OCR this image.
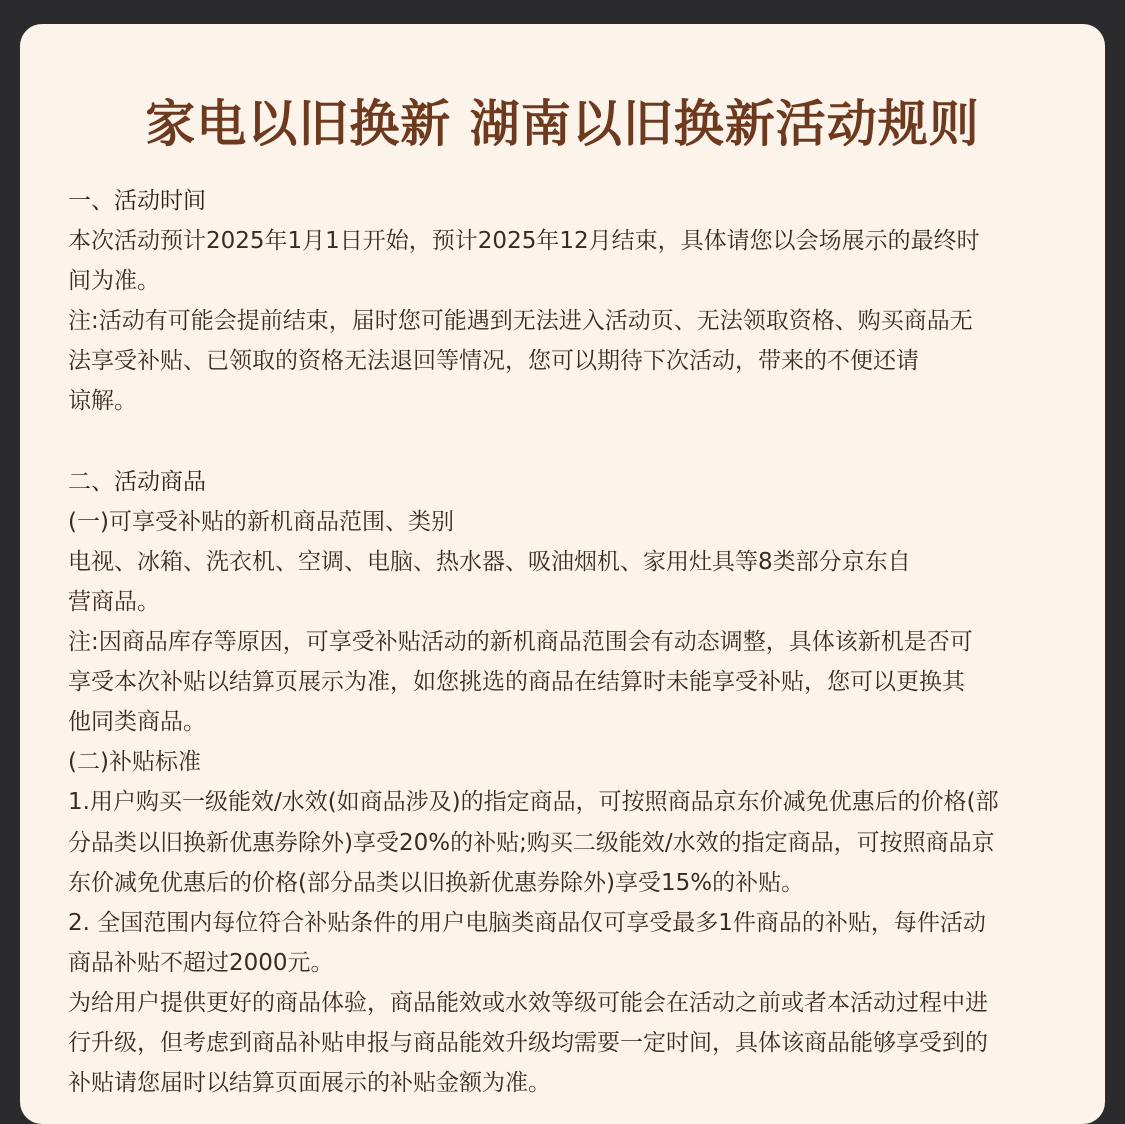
家电以旧换新 湖南以旧换新活动规则
一、活动时间
本次活动预计2025年1月1日开始，预计2025年12月结束，具体请您以会场展示的最终时
间为准。
注:活动有可能会提前结束，届时您可能遇到无法进入活动页、无法领取资格、购买商品无
法享受补贴、已领取的资格无法退回等情况，您可以期待下次活动，带来的不便还请
谅解。
二、活动商品
(一)可享受补贴的新机商品范围、类别
电视、冰箱、洗衣机、空调、电脑、热水器、吸油烟机、家用灶具等8类部分京东自
营商品。
注:因商品库存等原因，可享受补贴活动的新机商品范围会有动态调整，具体该新机是否可
享受本次补贴以结算页展示为准，如您挑选的商品在结算时未能享受补贴，您可以更换其
他同类商品。
(二)补贴标准
1.用户购买一级能效/水效(如商品涉及)的指定商品，可按照商品京东价减免优惠后的价格(部
分品类以旧换新优惠券除外)享受20%的补贴;购买二级能效/水效的指定商品，可按照商品京
东价减免优惠后的价格(部分品类以旧换新优惠券除外)享受15%的补贴。
2. 全国范围内每位符合补贴条件的用户电脑类商品仅可享受最多1件商品的补贴，每件活动
商品补贴不超过2000元。
为给用户提供更好的商品体验，商品能效或水效等级可能会在活动之前或者本活动过程中进
行升级，但考虑到商品补贴申报与商品能效升级均需要一定时间，具体该商品能够享受到的
补贴请您届时以结算页面展示的补贴金额为准。
